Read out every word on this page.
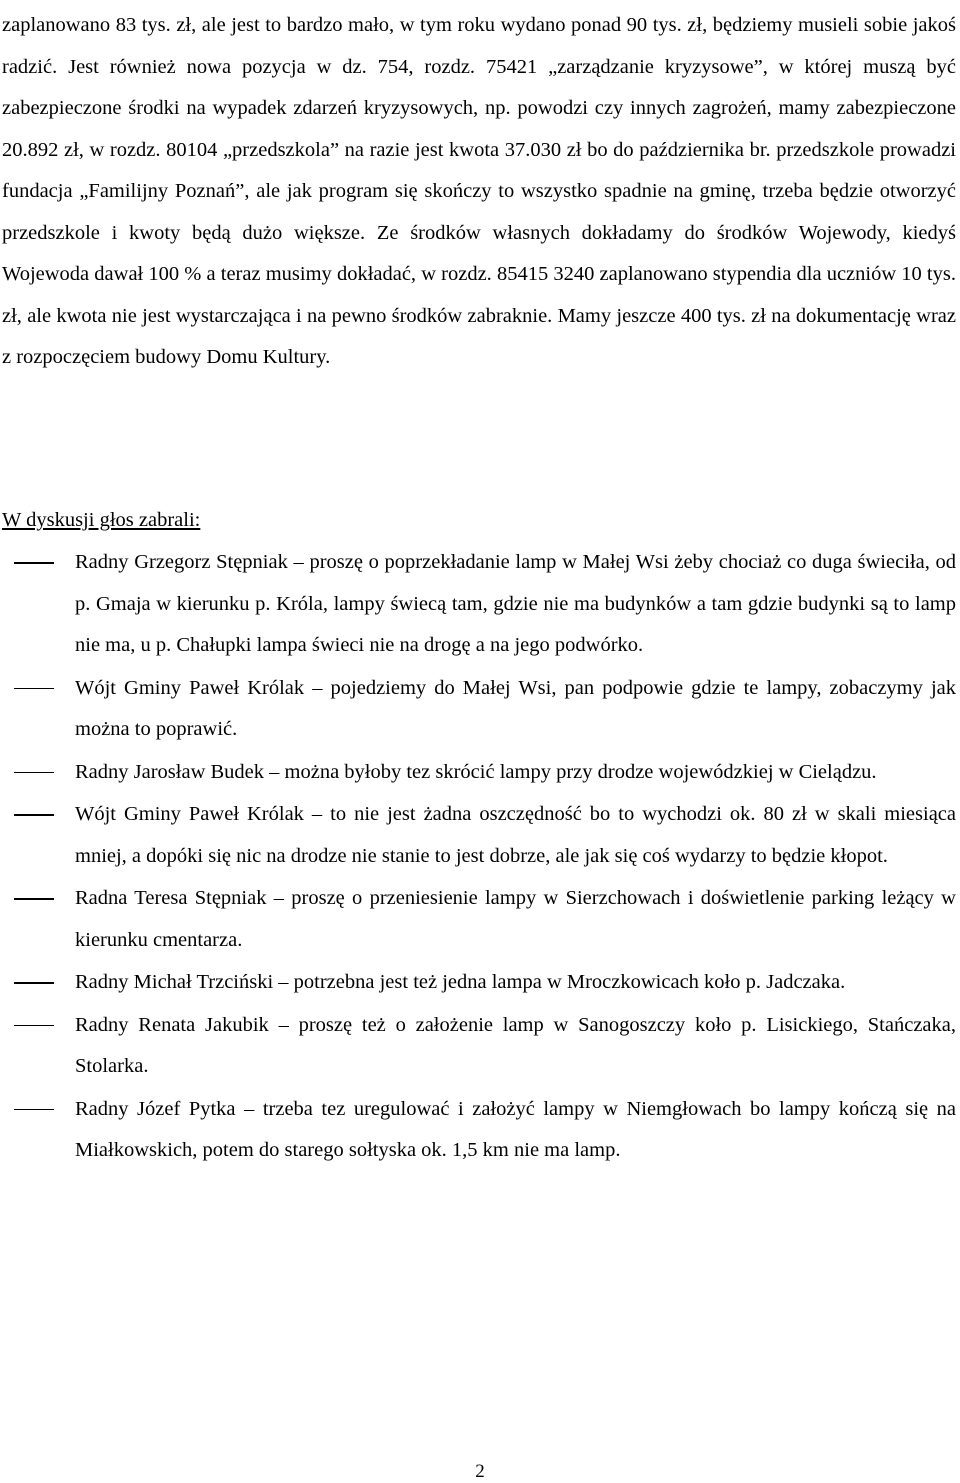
zaplanowano 83 tys. zł, ale jest to bardzo mało, w tym roku wydano ponad 90 tys. zł, będziemy musieli sobie jakoś radzić. Jest również nowa pozycja w dz. 754, rozdz. 75421 „zarządzanie kryzysowe”, w której muszą być zabezpieczone środki na wypadek zdarzeń kryzysowych, np. powodzi czy innych zagrożeń, mamy zabezpieczone 20.892 zł, w rozdz. 80104 „przedszkola” na razie jest kwota 37.030 zł bo do października br. przedszkole prowadzi fundacja „Familijny Poznań”, ale jak program się skończy to wszystko spadnie na gminę, trzeba będzie otworzyć przedszkole i kwoty będą dużo większe. Ze środków własnych dokładamy do środków Wojewody, kiedyś Wojewoda dawał 100 % a teraz musimy dokładać, w rozdz. 85415 3240 zaplanowano stypendia dla uczniów 10 tys. zł, ale kwota nie jest wystarczająca i na pewno środków zabraknie. Mamy jeszcze 400 tys. zł na dokumentację wraz z rozpoczęciem budowy Domu Kultury.

W dyskusji głos zabrali:

Radny Grzegorz Stępniak – proszę o poprzekładanie lamp w Małej Wsi żeby chociaż co duga świeciła, od p. Gmaja w kierunku p. Króla, lampy świecą tam, gdzie nie ma budynków a tam gdzie budynki są to lamp nie ma, u p. Chałupki lampa świeci nie na drogę a na jego podwórko.
Wójt Gminy Paweł Królak – pojedziemy do Małej Wsi, pan podpowie gdzie te lampy, zobaczymy jak można to poprawić.
Radny Jarosław Budek – można byłoby tez skrócić lampy przy drodze wojewódzkiej w Cielądzu.
Wójt Gminy Paweł Królak – to nie jest żadna oszczędność bo to wychodzi ok. 80 zł w skali miesiąca mniej, a dopóki się nic na drodze nie stanie to jest dobrze, ale jak się coś wydarzy to będzie kłopot.
Radna Teresa Stępniak – proszę o przeniesienie lampy w Sierzchowach i doświetlenie parking leżący w kierunku cmentarza.
Radny Michał Trzciński – potrzebna jest też jedna lampa w Mroczkowicach koło p. Jadczaka.
Radny Renata Jakubik – proszę też o założenie lamp w Sanogoszczy koło p. Lisickiego, Stańczaka, Stolarka.
Radny Józef Pytka – trzeba tez uregulować i założyć lampy w Niemgłowach bo lampy kończą się na Miałkowskich, potem do starego sołtyska ok. 1,5 km nie ma lamp.
2
